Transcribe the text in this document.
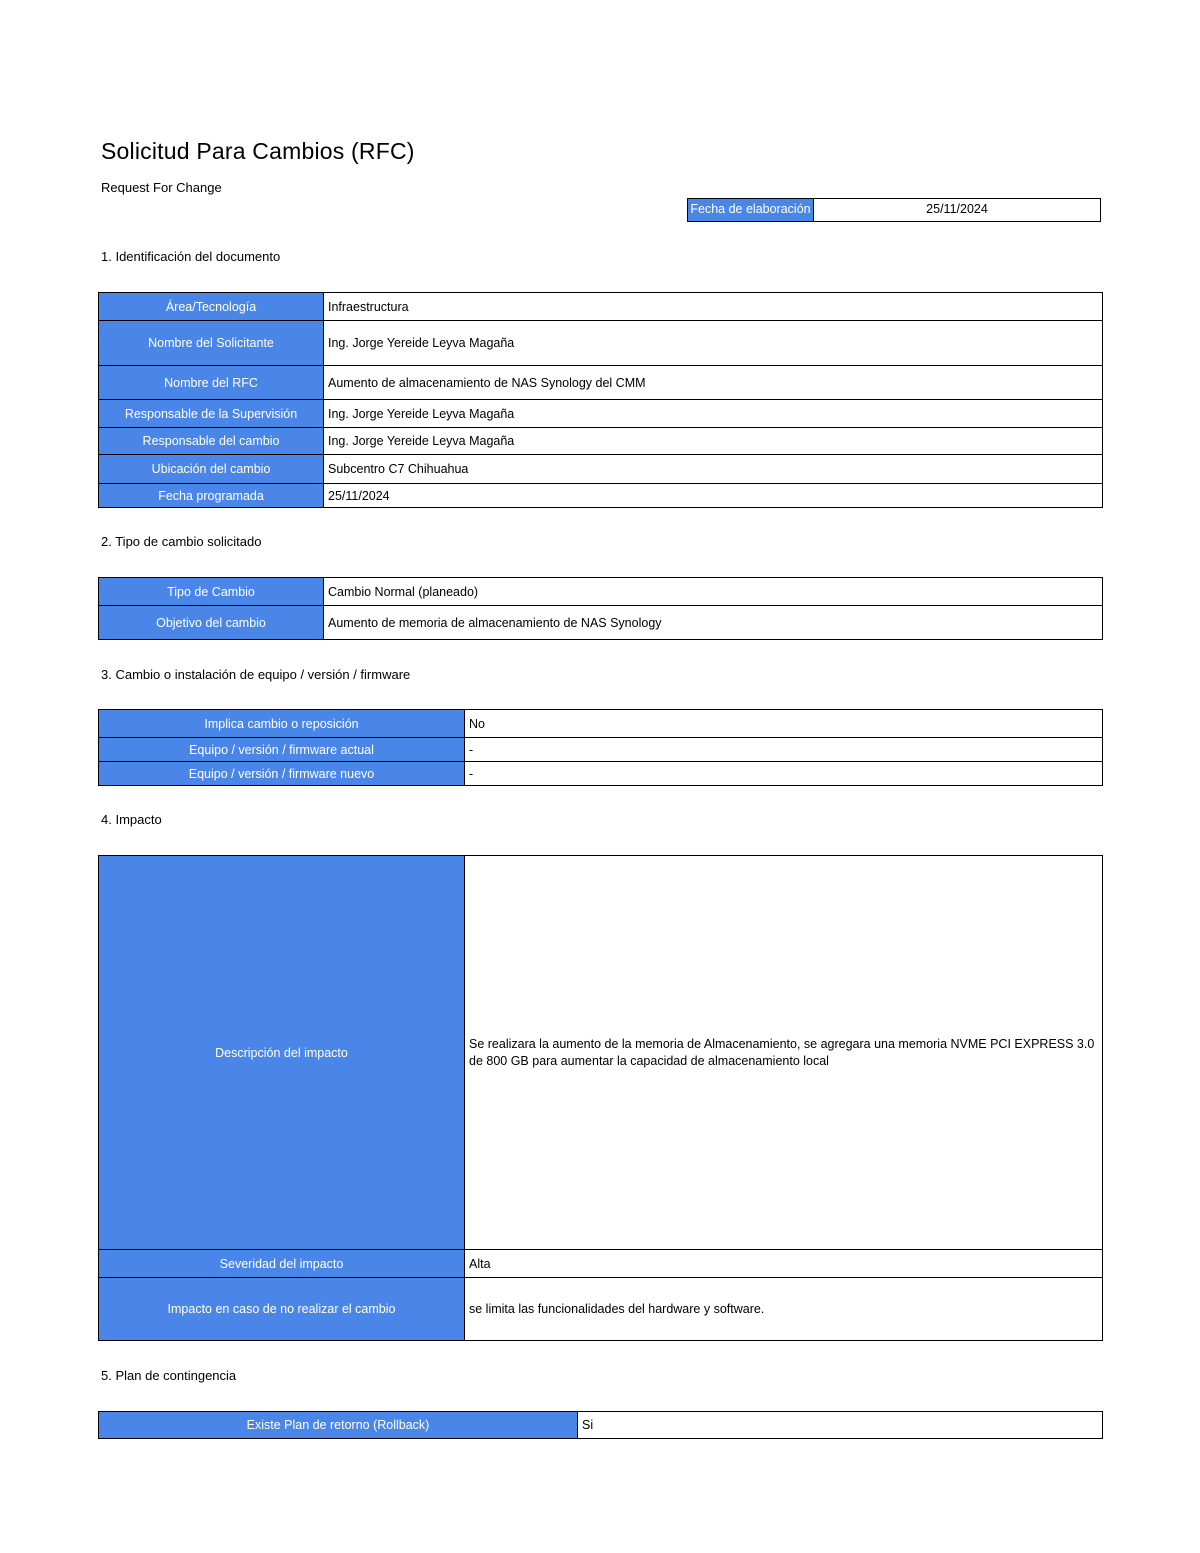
Solicitud Para Cambios (RFC)
Request For Change
Fecha de elaboración	25/11/2024
1. Identificación del documento
Área/Tecnología	Infraestructura
Nombre del Solicitante	Ing. Jorge Yereide Leyva Magaña
Nombre del RFC	Aumento de almacenamiento de NAS Synology del CMM
Responsable de la Supervisión	Ing. Jorge Yereide Leyva Magaña
Responsable del cambio	Ing. Jorge Yereide Leyva Magaña
Ubicación del cambio	Subcentro C7 Chihuahua
Fecha programada	25/11/2024
2. Tipo de cambio solicitado
Tipo de Cambio	Cambio Normal (planeado)
Objetivo del cambio	Aumento de memoria de almacenamiento de NAS Synology
3. Cambio o instalación de equipo / versión / firmware
Implica cambio o reposición	No
Equipo / versión / firmware actual	-
Equipo / versión / firmware nuevo	-
4. Impacto
Descripción del impacto	Se realizara la aumento de la memoria de Almacenamiento, se agregara una memoria NVME PCI EXPRESS 3.0 de 800 GB para aumentar la capacidad de almacenamiento local
Severidad del impacto	Alta
Impacto en caso de no realizar el cambio	se limita las funcionalidades del hardware y software.
5. Plan de contingencia
Existe Plan de retorno (Rollback)	Si
